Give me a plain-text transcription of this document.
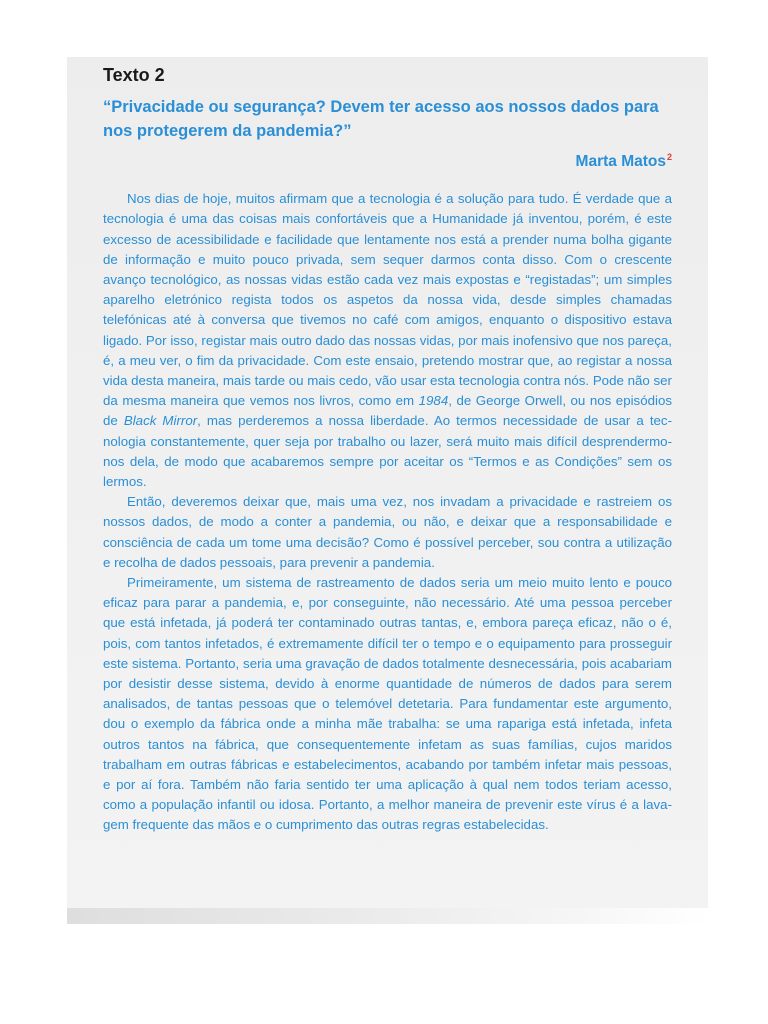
Texto 2
“Privacidade ou segurança? Devem ter acesso aos nossos dados para nos protegerem da pandemia?”
Marta Matos$^2$

Nos dias de hoje, muitos afirmam que a tecnologia é a solução para tudo. É verdade que a tecnologia é uma das coisas mais confortáveis que a Humanidade já inventou, porém, é este excesso de acessibilidade e facilidade que lentamente nos está a prender numa bolha gigante de informação e muito pouco privada, sem sequer darmos conta disso. Com o crescente avanço tecnológico, as nossas vidas estão cada vez mais expostas e “registadas”; um simples aparelho eletrónico regista todos os aspetos da nossa vida, desde simples chamadas telefónicas até à conversa que tivemos no café com amigos, enquanto o dispositivo estava ligado. Por isso, registar mais outro dado das nossas vidas, por mais inofensivo que nos pareça, é, a meu ver, o fim da privacidade. Com este ensaio, pretendo mostrar que, ao registar a nossa vida desta maneira, mais tarde ou mais cedo, vão usar esta tecnologia contra nós. Pode não ser da mesma maneira que vemos nos livros, como em 1984, de George Orwell, ou nos episódios de Black Mirror, mas perderemos a nossa liberdade. Ao termos necessidade de usar a tecnologia constantemente, quer seja por trabalho ou lazer, será muito mais difícil desprendermo-nos dela, de modo que acabaremos sempre por aceitar os “Termos e as Condições” sem os lermos.

Então, deveremos deixar que, mais uma vez, nos invadam a privacidade e rastreiem os nossos dados, de modo a conter a pandemia, ou não, e deixar que a responsabilidade e consciência de cada um tome uma decisão? Como é possível perceber, sou contra a utilização e recolha de dados pessoais, para prevenir a pandemia.

Primeiramente, um sistema de rastreamento de dados seria um meio muito lento e pouco eficaz para parar a pandemia, e, por conseguinte, não necessário. Até uma pessoa perceber que está infetada, já poderá ter contaminado outras tantas, e, embora pareça eficaz, não o é, pois, com tantos infetados, é extremamente difícil ter o tempo e o equipamento para prosseguir este sistema. Portanto, seria uma gravação de dados totalmente desnecessária, pois acabariam por desistir desse sistema, devido à enorme quantidade de números de dados para serem analisados, de tantas pessoas que o telemóvel detetaria. Para fundamentar este argumento, dou o exemplo da fábrica onde a minha mãe trabalha: se uma rapariga está infetada, infeta outros tantos na fábrica, que consequentemente infetam as suas famílias, cujos maridos trabalham em outras fábricas e estabelecimentos, acabando por também infetar mais pessoas, e por aí fora. Também não faria sentido ter uma aplicação à qual nem todos teriam acesso, como a população infantil ou idosa. Portanto, a melhor maneira de prevenir este vírus é a lavagem frequente das mãos e o cumprimento das outras regras estabelecidas.
